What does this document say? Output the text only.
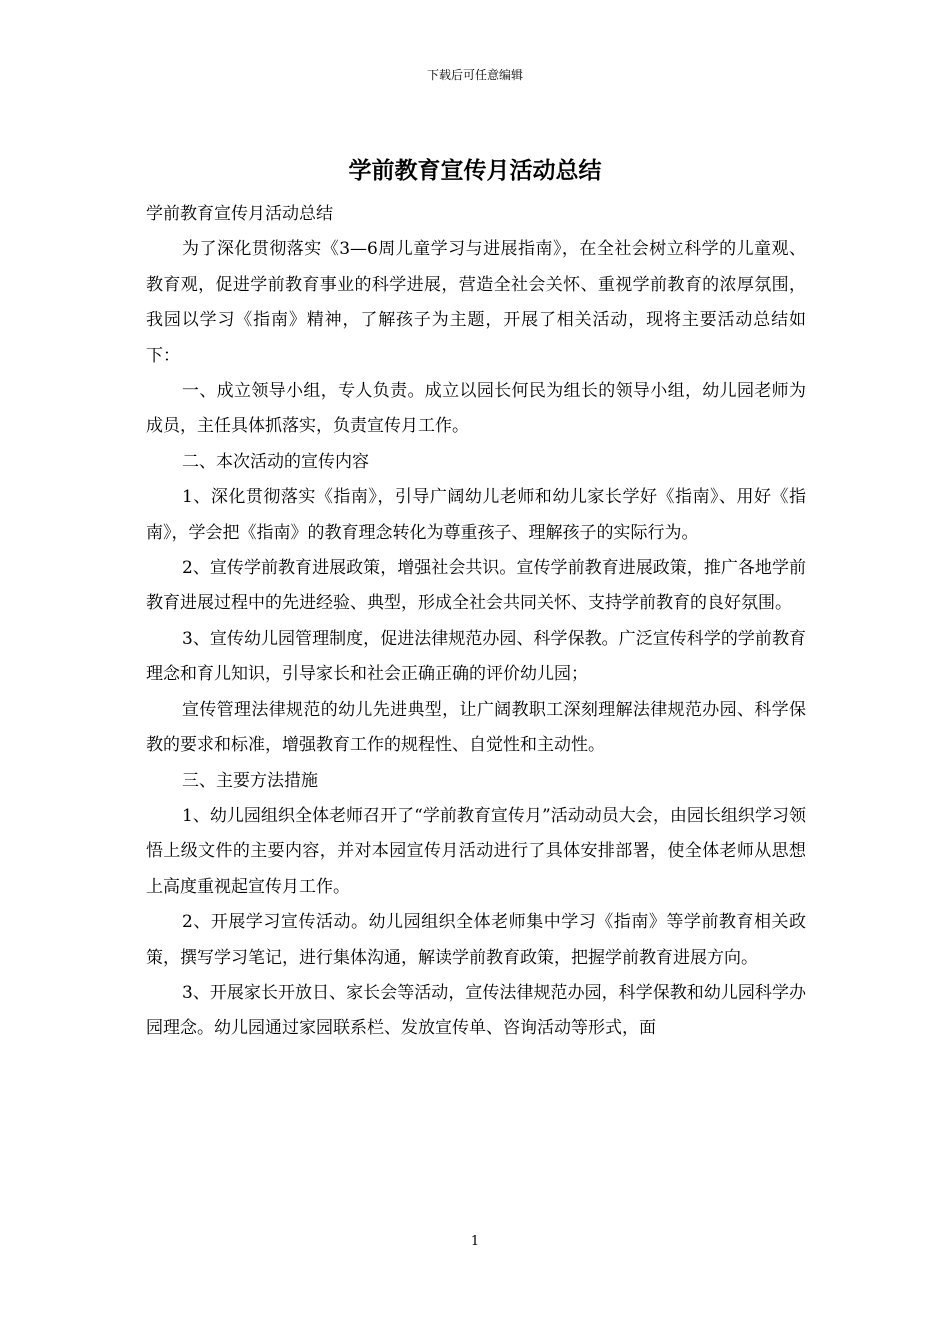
下载后可任意编辑
学前教育宣传月活动总结

学前教育宣传月活动总结

为了深化贯彻落实《3—6周儿童学习与进展指南》，在全社会树立科学的儿童观、教育观，促进学前教育事业的科学进展，营造全社会关怀、重视学前教育的浓厚氛围，我园以学习《指南》精神，了解孩子为主题，开展了相关活动，现将主要活动总结如下：

一、成立领导小组，专人负责。成立以园长何民为组长的领导小组，幼儿园老师为成员，主任具体抓落实，负责宣传月工作。

二、本次活动的宣传内容

1、深化贯彻落实《指南》，引导广阔幼儿老师和幼儿家长学好《指南》、用好《指南》，学会把《指南》的教育理念转化为尊重孩子、理解孩子的实际行为。

2、宣传学前教育进展政策，增强社会共识。宣传学前教育进展政策，推广各地学前教育进展过程中的先进经验、典型，形成全社会共同关怀、支持学前教育的良好氛围。

3、宣传幼儿园管理制度，促进法律规范办园、科学保教。广泛宣传科学的学前教育理念和育儿知识，引导家长和社会正确正确的评价幼儿园；

宣传管理法律规范的幼儿先进典型，让广阔教职工深刻理解法律规范办园、科学保教的要求和标准，增强教育工作的规程性、自觉性和主动性。

三、主要方法措施

1、幼儿园组织全体老师召开了“学前教育宣传月”活动动员大会，由园长组织学习领悟上级文件的主要内容，并对本园宣传月活动进行了具体安排部署，使全体老师从思想上高度重视起宣传月工作。

2、开展学习宣传活动。幼儿园组织全体老师集中学习《指南》等学前教育相关政策，撰写学习笔记，进行集体沟通，解读学前教育政策，把握学前教育进展方向。

3、开展家长开放日、家长会等活动，宣传法律规范办园，科学保教和幼儿园科学办园理念。幼儿园通过家园联系栏、发放宣传单、咨询活动等形式，面

1
